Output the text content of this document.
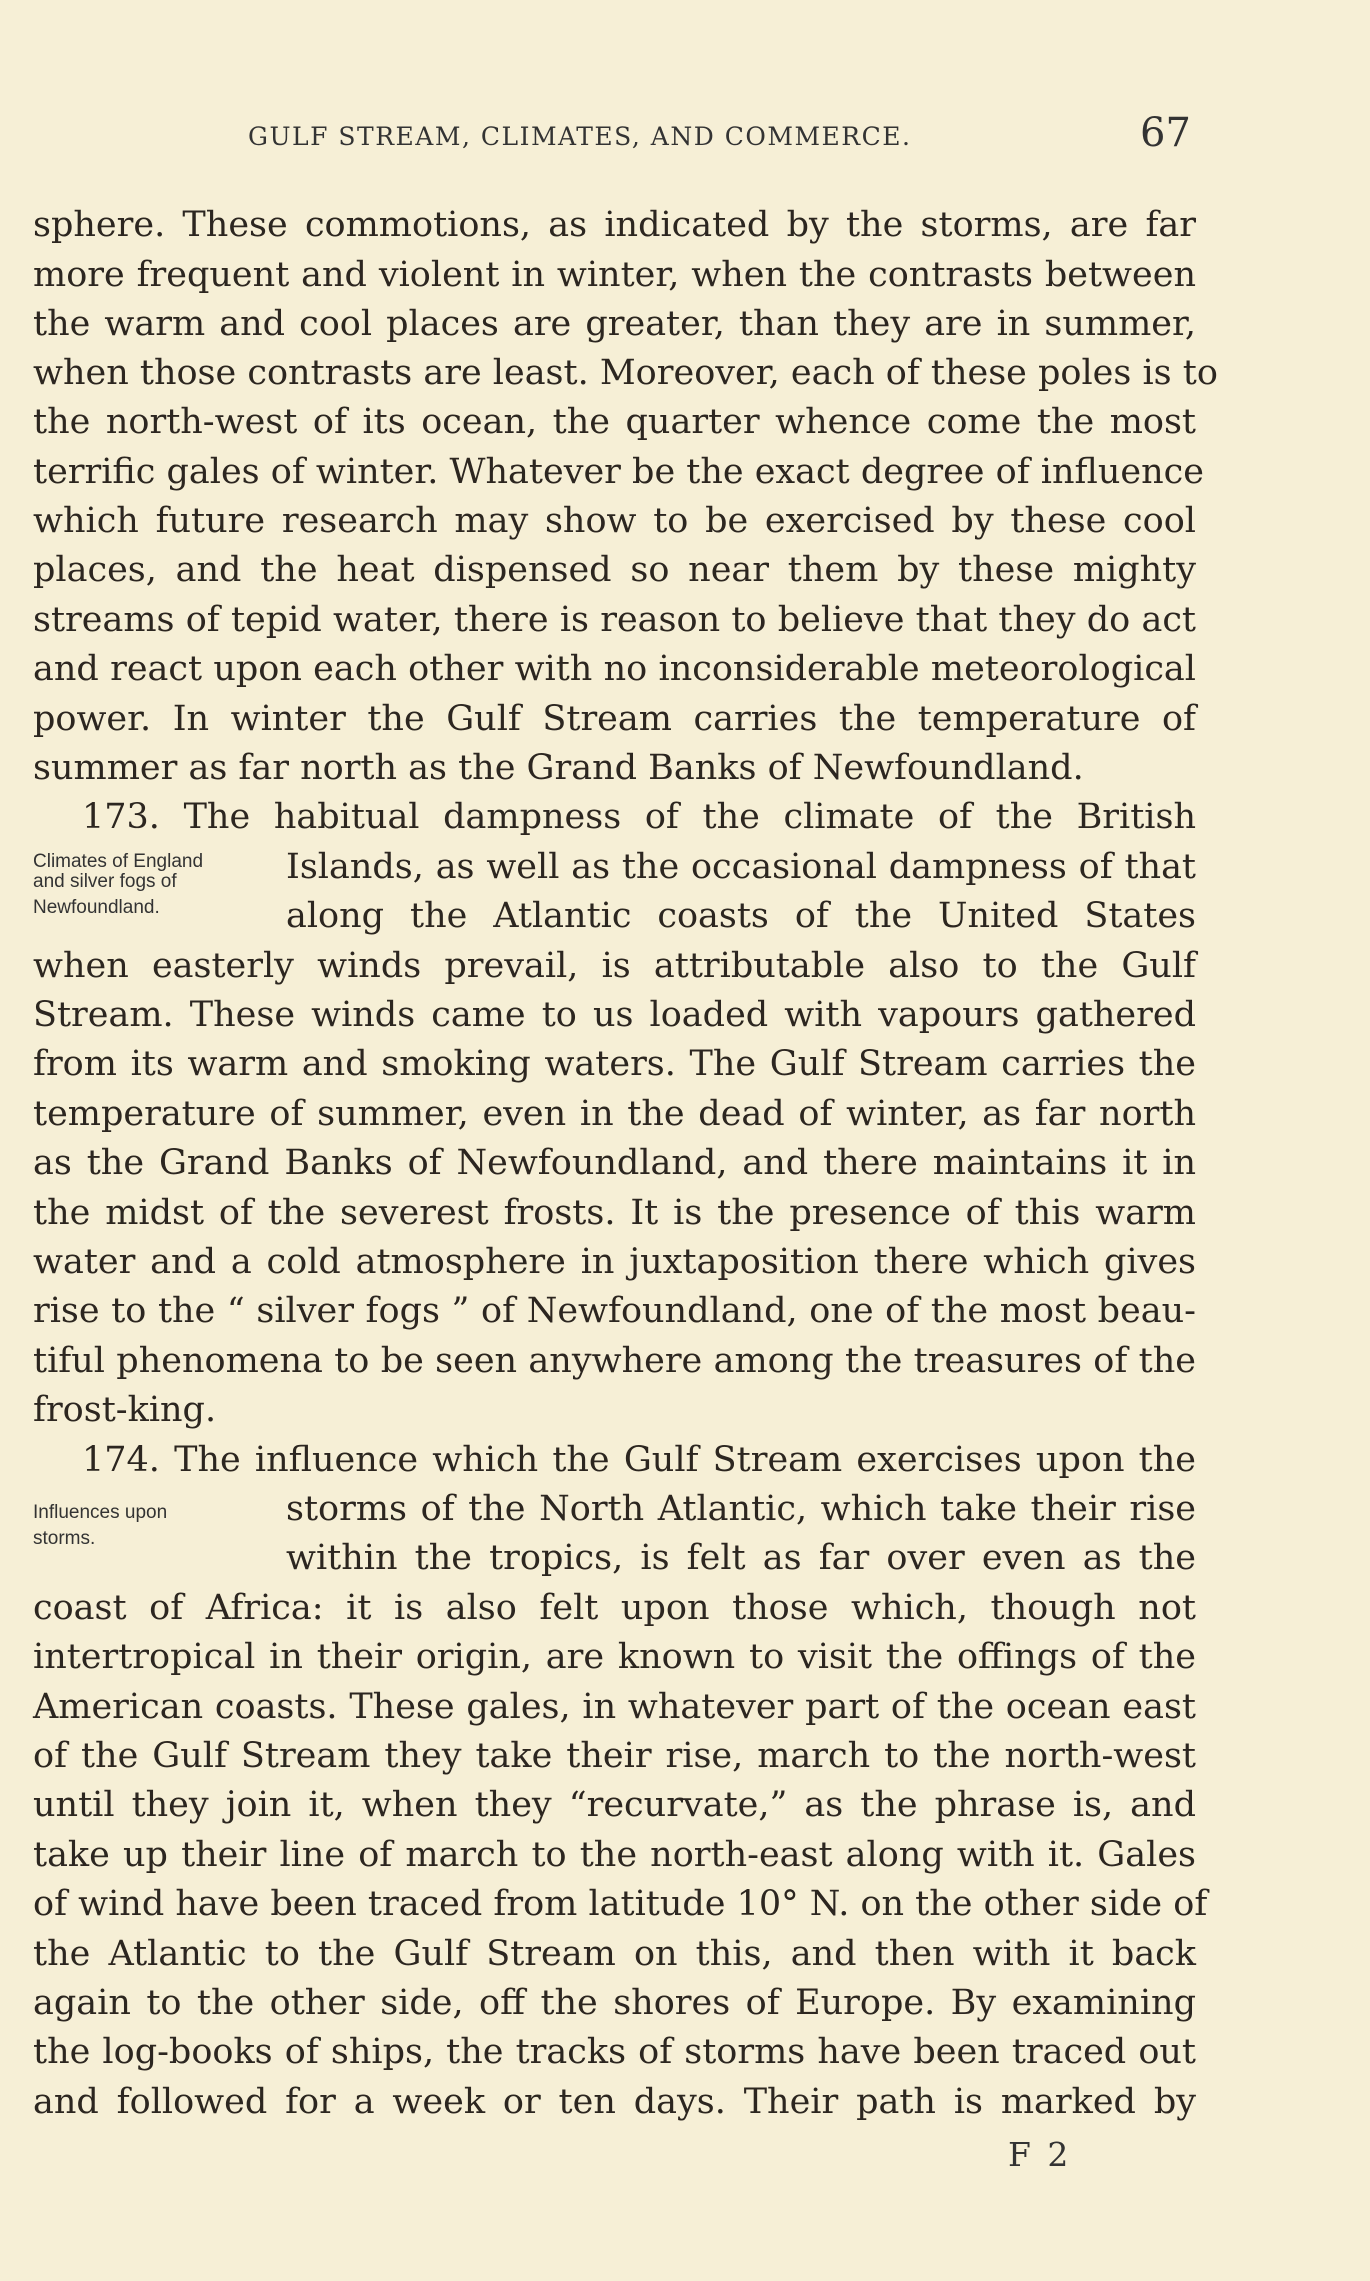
GULF STREAM, CLIMATES, AND COMMERCE.	67
sphere. These commotions, as indicated by the storms, are far
more frequent and violent in winter, when the contrasts between
the warm and cool places are greater, than they are in summer,
when those contrasts are least. Moreover, each of these poles is to
the north-west of its ocean, the quarter whence come the most
terrific gales of winter. Whatever be the exact degree of influence
which future research may show to be exercised by these cool
places, and the heat dispensed so near them by these mighty
streams of tepid water, there is reason to believe that they do act
and react upon each other with no inconsiderable meteorological
power. In winter the Gulf Stream carries the temperature of
summer as far north as the Grand Banks of Newfoundland.
173. The habitual dampness of the climate of the British
Islands, as well as the occasional dampness of that
along the Atlantic coasts of the United States
when easterly winds prevail, is attributable also to the Gulf
Stream. These winds came to us loaded with vapours gathered
from its warm and smoking waters. The Gulf Stream carries the
temperature of summer, even in the dead of winter, as far north
as the Grand Banks of Newfoundland, and there maintains it in
the midst of the severest frosts. It is the presence of this warm
water and a cold atmosphere in juxtaposition there which gives
rise to the “ silver fogs ” of Newfoundland, one of the most beau-
tiful phenomena to be seen anywhere among the treasures of the
frost-king.
174. The influence which the Gulf Stream exercises upon the
storms of the North Atlantic, which take their rise
within the tropics, is felt as far over even as the
coast of Africa: it is also felt upon those which, though not
intertropical in their origin, are known to visit the offings of the
American coasts. These gales, in whatever part of the ocean east
of the Gulf Stream they take their rise, march to the north-west
until they join it, when they “recurvate,” as the phrase is, and
take up their line of march to the north-east along with it. Gales
of wind have been traced from latitude 10° N. on the other side of
the Atlantic to the Gulf Stream on this, and then with it back
again to the other side, off the shores of Europe. By examining
the log-books of ships, the tracks of storms have been traced out
and followed for a week or ten days. Their path is marked by
Climates of England
and silver fogs of
Newfoundland.
Influences upon
storms.
F 2
